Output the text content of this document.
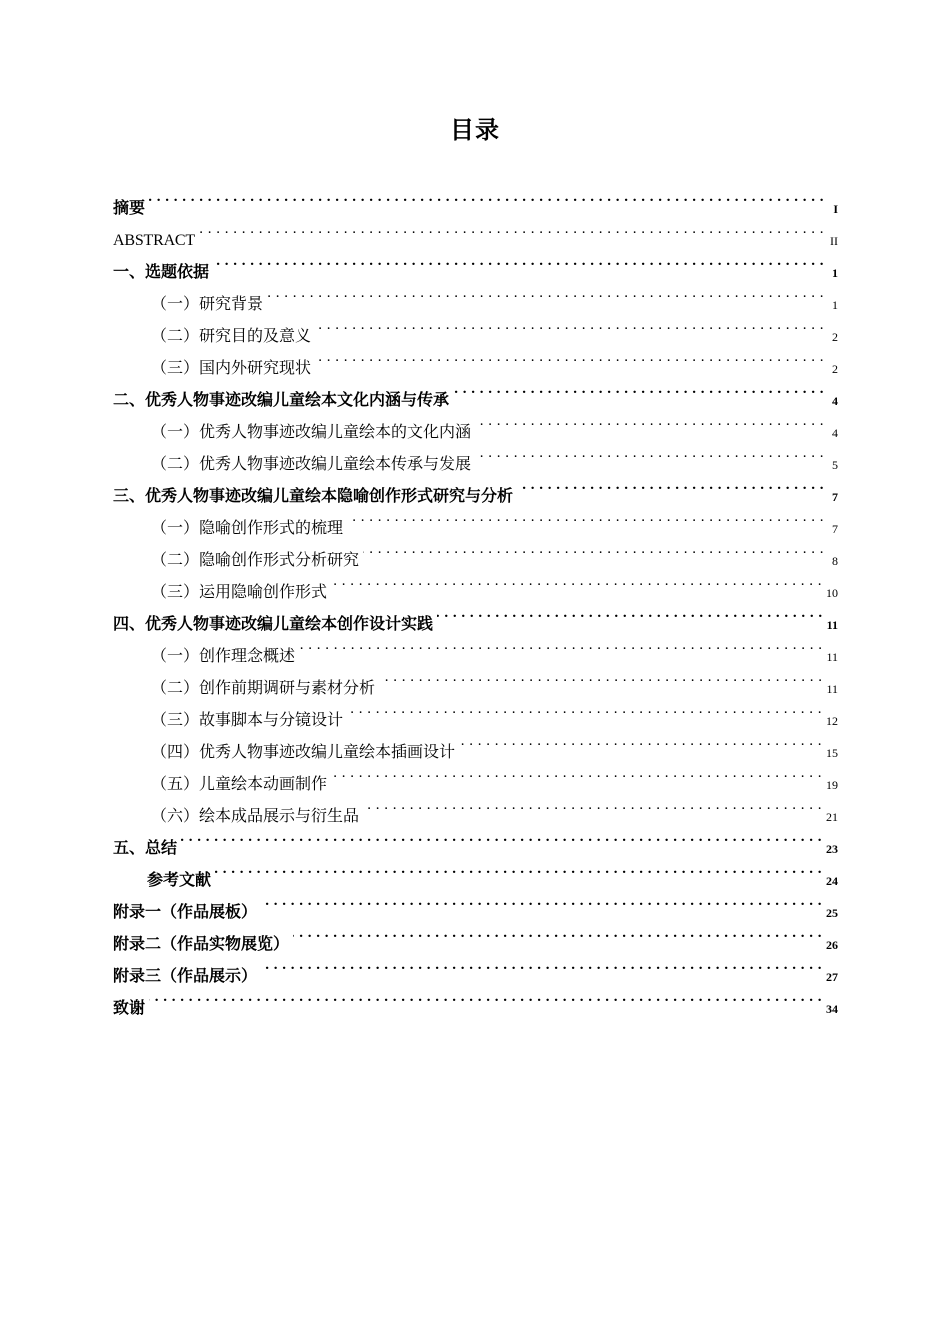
目录
摘要 . . .	I
ABSTRACT . . .	II
一、选题依据 . . .	1
（一）研究背景 . . .	1
（二）研究目的及意义 . . .	2
（三）国内外研究现状 . . .	2
二、优秀人物事迹改编儿童绘本文化内涵与传承 . . .	4
（一）优秀人物事迹改编儿童绘本的文化内涵 . . .	4
（二）优秀人物事迹改编儿童绘本传承与发展 . . .	5
三、优秀人物事迹改编儿童绘本隐喻创作形式研究与分析 . . .	7
（一）隐喻创作形式的梳理 . . .	7
（二）隐喻创作形式分析研究 . . .	8
（三）运用隐喻创作形式 . . .	10
四、优秀人物事迹改编儿童绘本创作设计实践 . . .	11
（一）创作理念概述 . . .	11
（二）创作前期调研与素材分析 . . .	11
（三）故事脚本与分镜设计 . . .	12
（四）优秀人物事迹改编儿童绘本插画设计 . . .	15
（五）儿童绘本动画制作 . . .	19
（六）绘本成品展示与衍生品 . . .	21
五、总结 . . .	23
参考文献 . . .	24
附录一（作品展板） . . .	25
附录二（作品实物展览） . . .	26
附录三（作品展示） . . .	27
致谢 . . .	34
